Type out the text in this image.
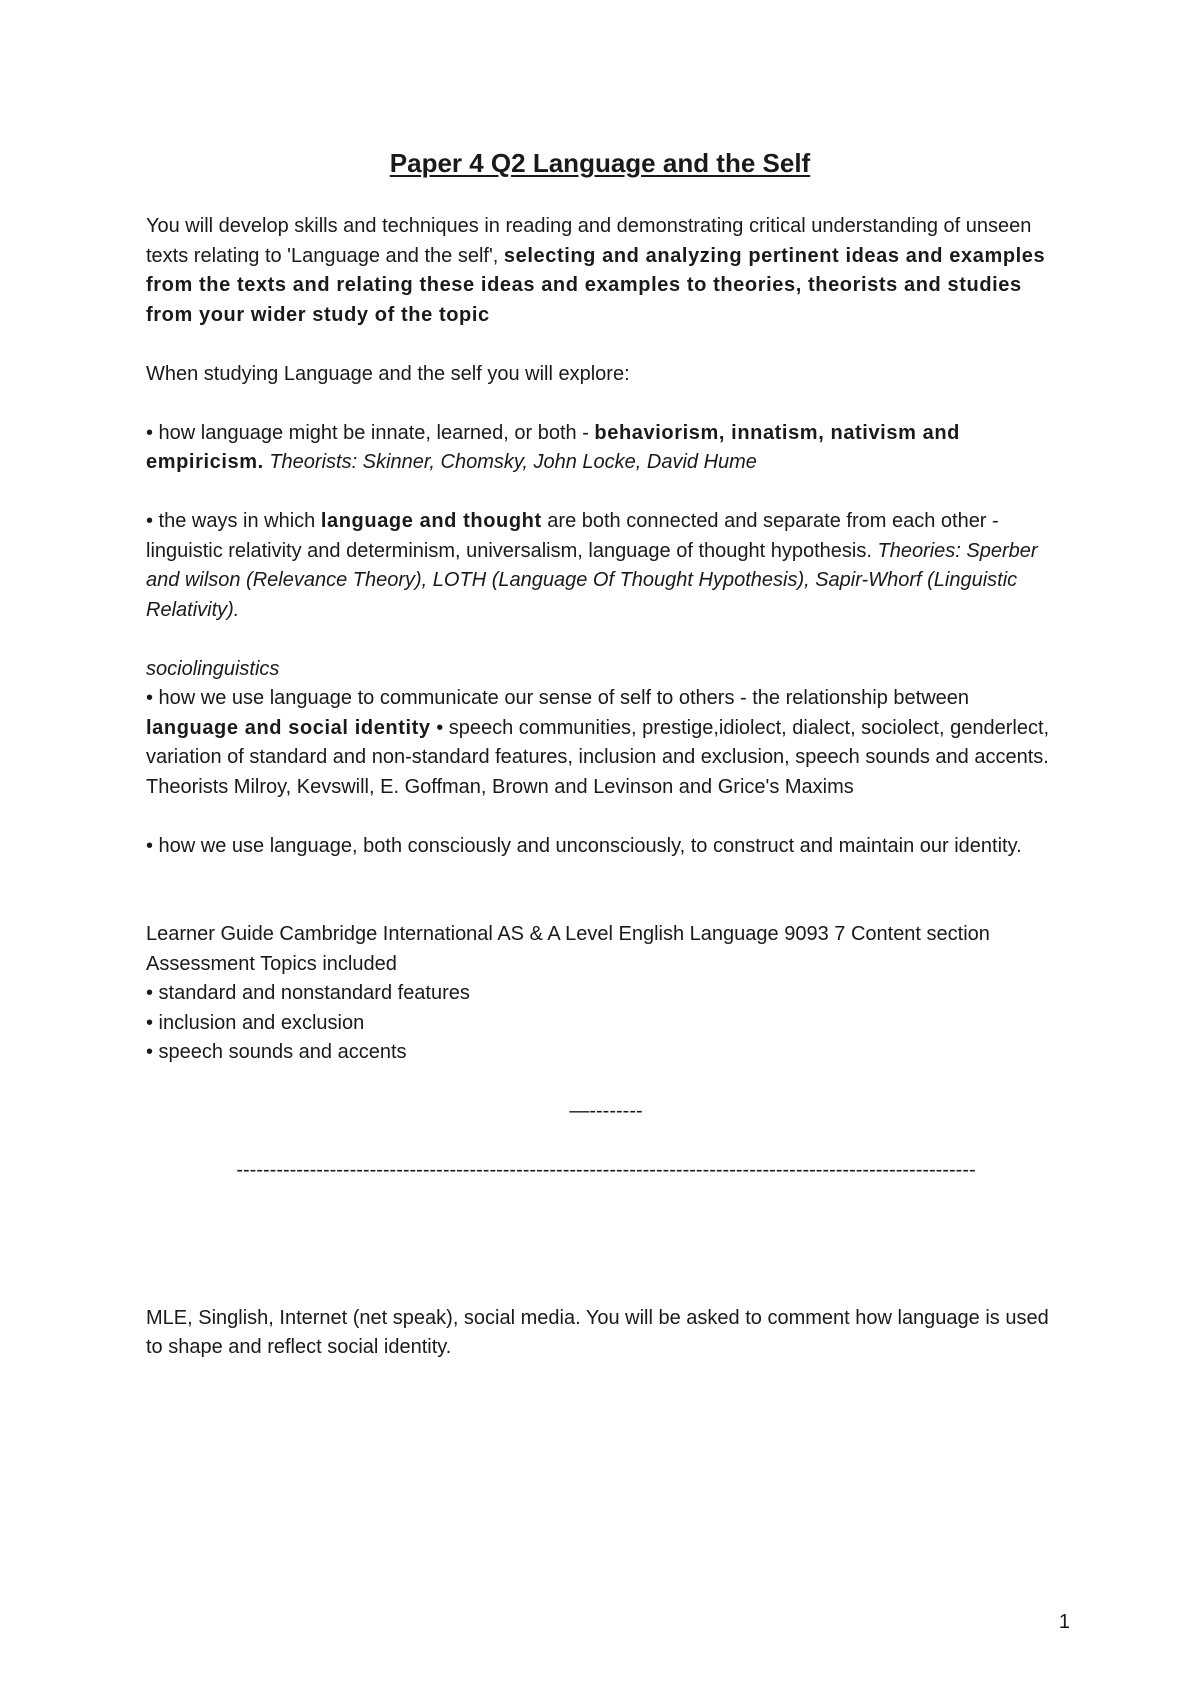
Paper 4 Q2 Language and the Self

You will develop skills and techniques in reading and demonstrating critical understanding of unseen texts relating to 'Language and the self', selecting and analyzing pertinent ideas and examples from the texts and relating these ideas and examples to theories, theorists and studies from your wider study of the topic

When studying Language and the self you will explore:

• how language might be innate, learned, or both - behaviorism, innatism, nativism and empiricism. Theorists: Skinner, Chomsky, John Locke, David Hume

• the ways in which language and thought are both connected and separate from each other - linguistic relativity and determinism, universalism, language of thought hypothesis. Theories: Sperber and wilson (Relevance Theory), LOTH (Language Of Thought Hypothesis), Sapir-Whorf (Linguistic Relativity).

sociolinguistics

• how we use language to communicate our sense of self to others - the relationship between language and social identity • speech communities, prestige,idiolect, dialect, sociolect, genderlect, variation of standard and non-standard features, inclusion and exclusion, speech sounds and accents. Theorists Milroy, Kevswill, E. Goffman, Brown and Levinson and Grice's Maxims

• how we use language, both consciously and unconsciously, to construct and maintain our identity.

Learner Guide Cambridge International AS & A Level English Language 9093 7 Content section Assessment Topics included

• standard and nonstandard features

• inclusion and exclusion

• speech sounds and accents

—--------

---------------------------------------------------------------------------------------------------------------

MLE, Singlish, Internet (net speak), social media. You will be asked to comment how language is used to shape and reflect social identity.

1
